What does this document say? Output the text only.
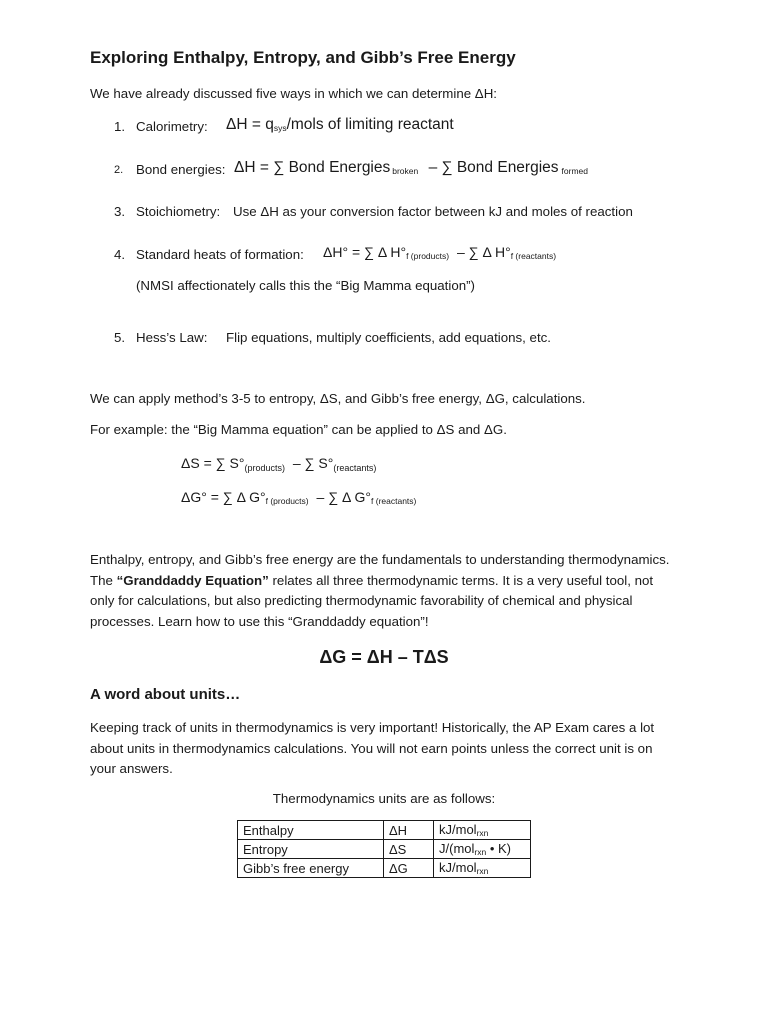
Exploring Enthalpy, Entropy, and Gibb’s Free Energy
We have already discussed five ways in which we can determine ΔH:
1. Calorimetry: $\Delta H = q_{sys}$/mols of limiting reactant
2. Bond energies: ΔH = ∑ Bond Energies $_{broken}$ – ∑ Bond Energies $_{formed}$
3. Stoichiometry: Use ΔH as your conversion factor between kJ and moles of reaction
4. Standard heats of formation: ΔH° = ∑ Δ $H^\circ_{f (products)}$ – ∑ Δ $H^\circ_{f (reactants)}$
(NMSI affectionately calls this the “Big Mamma equation”)
5. Hess’s Law: Flip equations, multiply coefficients, add equations, etc.
We can apply method’s 3-5 to entropy, ΔS, and Gibb’s free energy, ΔG, calculations.
For example: the “Big Mamma equation” can be applied to ΔS and ΔG.
ΔS = ∑ $S^\circ_{(products)}$ – ∑ $S^\circ_{(reactants)}$
ΔG° = ∑ Δ $G^\circ_{f (products)}$ – ∑ Δ $G^\circ_{f (reactants)}$
Enthalpy, entropy, and Gibb’s free energy are the fundamentals to understanding thermodynamics. The “Granddaddy Equation” relates all three thermodynamic terms. It is a very useful tool, not only for calculations, but also predicting thermodynamic favorability of chemical and physical processes. Learn how to use this “Granddaddy equation”!
ΔG = ΔH – TΔS
A word about units…
Keeping track of units in thermodynamics is very important! Historically, the AP Exam cares a lot about units in thermodynamics calculations. You will not earn points unless the correct unit is on your answers.
Thermodynamics units are as follows:
Enthalpy	ΔH	kJ/mol$_{rxn}$
Entropy	ΔS	J/(mol$_{rxn}$ • K)
Gibb’s free energy	ΔG	kJ/mol$_{rxn}$
